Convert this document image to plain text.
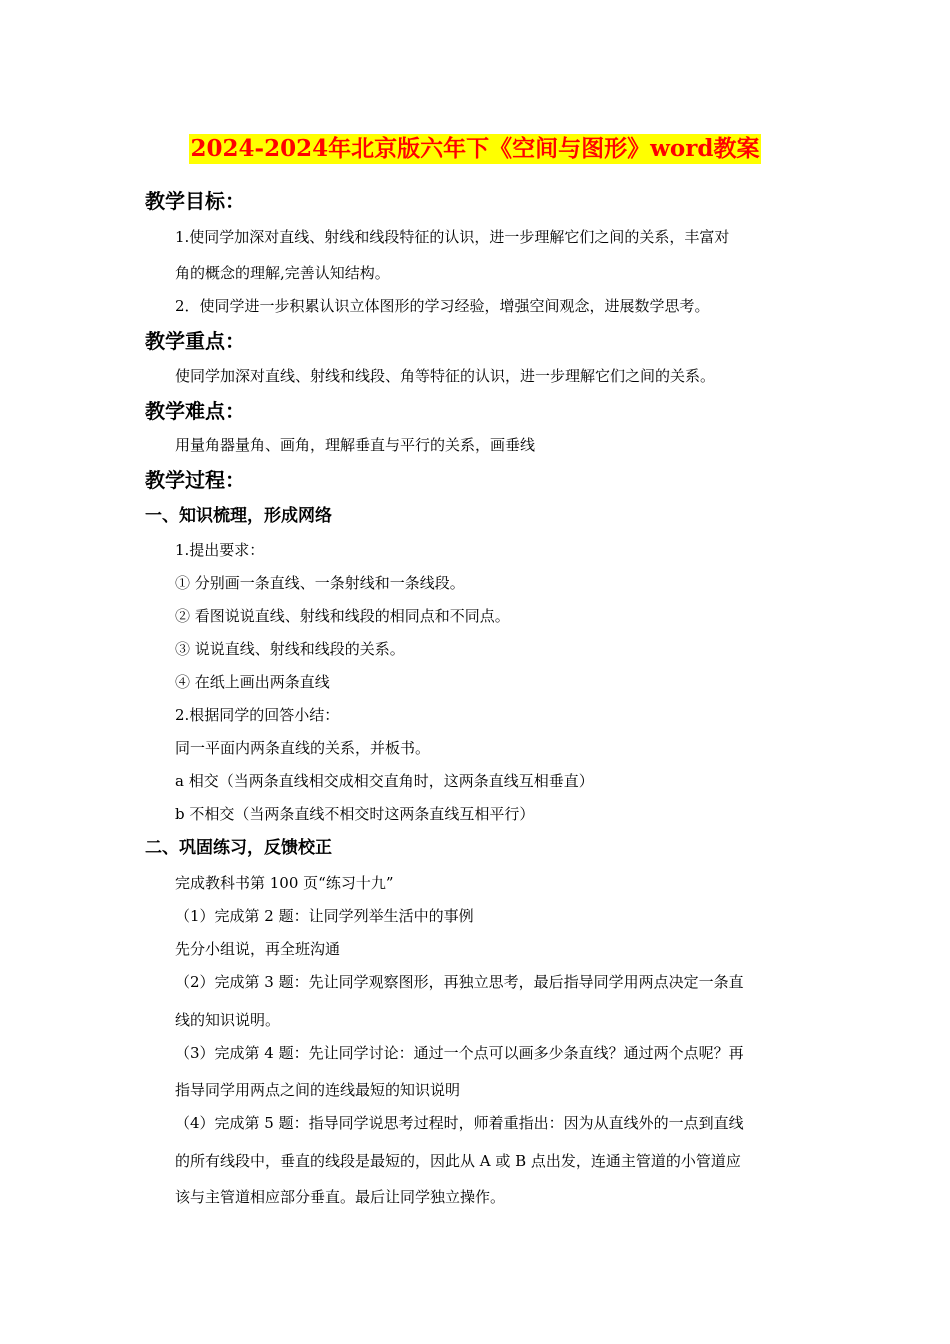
2024-2024年北京版六年下《空间与图形》word教案
教学目标：
1.使同学加深对直线、射线和线段特征的认识，进一步理解它们之间的关系，丰富对
角的概念的理解,完善认知结构。
2．使同学进一步积累认识立体图形的学习经验，增强空间观念，进展数学思考。
教学重点：
使同学加深对直线、射线和线段、角等特征的认识，进一步理解它们之间的关系。
教学难点：
用量角器量角、画角，理解垂直与平行的关系，画垂线
教学过程：
一、知识梳理，形成网络
1.提出要求：
① 分别画一条直线、一条射线和一条线段。
② 看图说说直线、射线和线段的相同点和不同点。
③ 说说直线、射线和线段的关系。
④ 在纸上画出两条直线
2.根据同学的回答小结：
同一平面内两条直线的关系，并板书。
a 相交（当两条直线相交成相交直角时，这两条直线互相垂直）
b 不相交（当两条直线不相交时这两条直线互相平行）
二、巩固练习，反馈校正
完成教科书第 100 页“练习十九”
（1）完成第 2 题：让同学列举生活中的事例
先分小组说，再全班沟通
（2）完成第 3 题：先让同学观察图形，再独立思考，最后指导同学用两点决定一条直
线的知识说明。
（3）完成第 4 题：先让同学讨论：通过一个点可以画多少条直线？通过两个点呢？再
指导同学用两点之间的连线最短的知识说明
（4）完成第 5 题：指导同学说思考过程时，师着重指出：因为从直线外的一点到直线
的所有线段中，垂直的线段是最短的，因此从 A 或 B 点出发，连通主管道的小管道应
该与主管道相应部分垂直。最后让同学独立操作。
